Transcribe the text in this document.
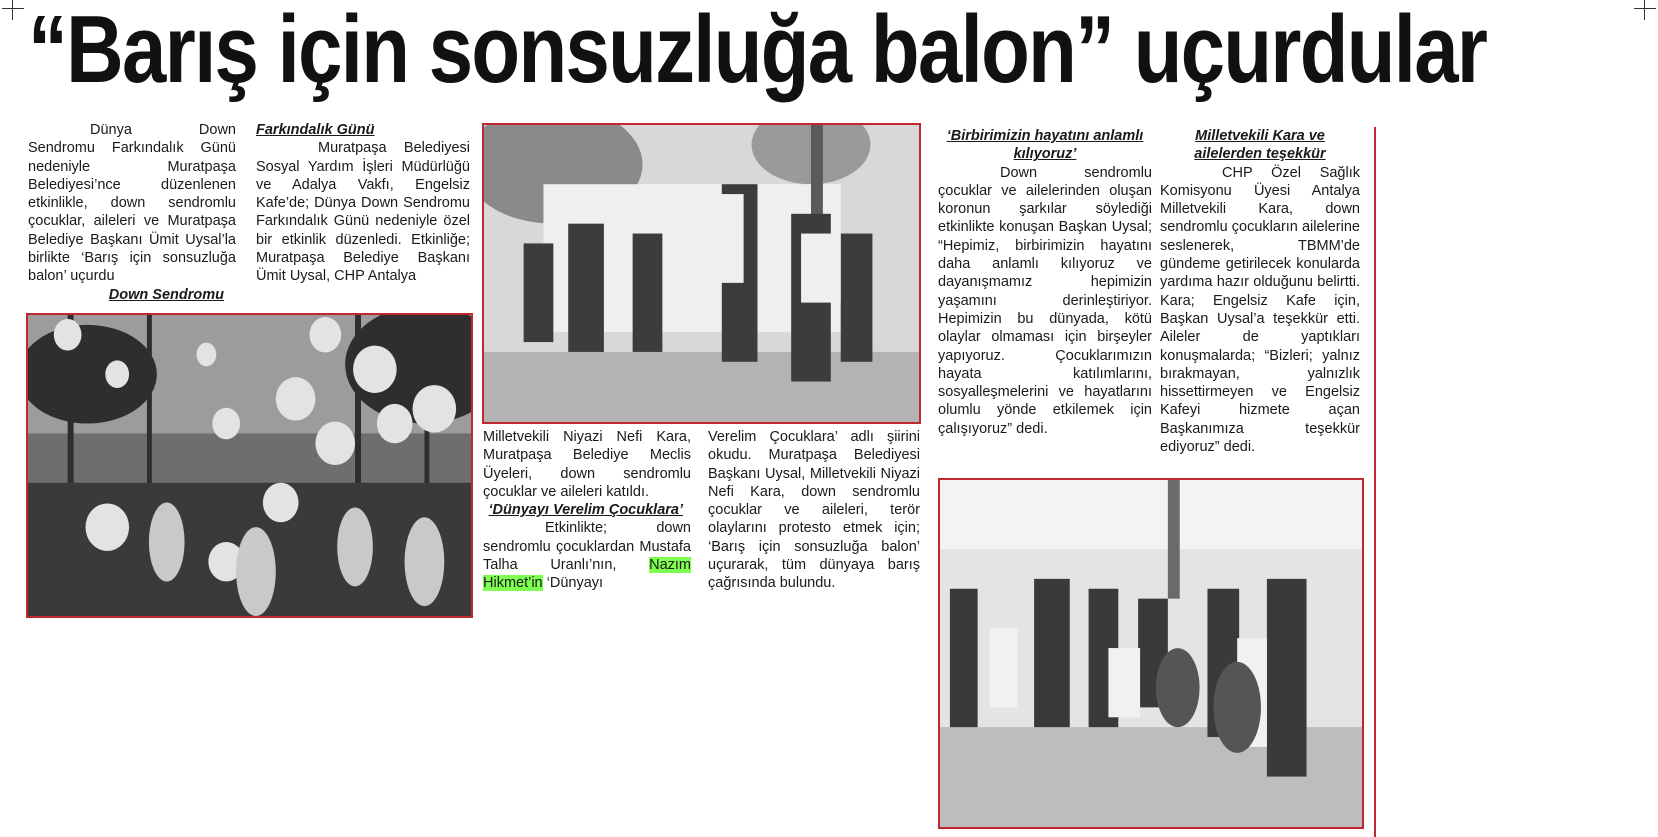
“Barış için sonsuzluğa balon” uçurdular

Dünya Down Sendromu Farkındalık Günü nedeniyle Muratpaşa Belediyesi’nce düzenlenen etkinlikle, down sendromlu çocuklar, aileleri ve Muratpaşa Belediye Başkanı Ümit Uysal’la birlikte ‘Barış için sonsuzluğa balon’ uçurdu

Down Sendromu
Farkındalık Günü

Muratpaşa Belediyesi Sosyal Yardım İşleri Müdürlüğü ve Adalya Vakfı, Engelsiz Kafe’de; Dünya Down Sendromu Farkındalık Günü nedeniyle özel bir etkinlik düzenledi. Etkinliğe; Muratpaşa Belediye Başkanı Ümit Uysal, CHP Antalya

Milletvekili Niyazi Nefi Kara, Muratpaşa Belediye Meclis Üyeleri, down sendromlu çocuklar ve aileleri katıldı.

‘Dünyayı Verelim Çocuklara’

Etkinlikte; down sendromlu çocuklardan Mustafa Talha Uranlı’nın, Nazım Hikmet’in ‘Dünyayı

Verelim Çocuklara’ adlı şiirini okudu. Muratpaşa Belediyesi Başkanı Uysal, Milletvekili Niyazi Nefi Kara, down sendromlu çocuklar ve aileleri, terör olaylarını protesto etmek için; ‘Barış için sonsuzluğa balon’ uçurarak, tüm dünyaya barış çağrısında bulundu.

‘Birbirimizin hayatını anlamlı kılıyoruz’

Down sendromlu çocuklar ve ailelerinden oluşan koronun şarkılar söylediği etkinlikte konuşan Başkan Uysal; “Hepimiz, birbirimizin hayatını daha anlamlı kılıyoruz ve dayanışmamız hepimizin yaşamını derinleştiriyor. Hepimizin bu dünyada, kötü olaylar olmaması için birşeyler yapıyoruz. Çocuklarımızın hayata katılımlarını, sosyalleşmelerini ve hayatlarını olumlu yönde etkilemek için çalışıyoruz” dedi.

Milletvekili Kara ve ailelerden teşekkür

CHP Özel Sağlık Komisyonu Üyesi Antalya Milletvekili Kara, down sendromlu çocukların ailelerine seslenerek, TBMM’de gündeme getirilecek konularda yardıma hazır olduğunu belirtti. Kara; Engelsiz Kafe için, Başkan Uysal’a teşekkür etti. Aileler de yaptıkları konuşmalarda; “Bizleri; yalnız bırakmayan, yalnızlık hissettirmeyen ve Engelsiz Kafeyi hizmete açan Başkanımıza teşekkür ediyoruz” dedi.
